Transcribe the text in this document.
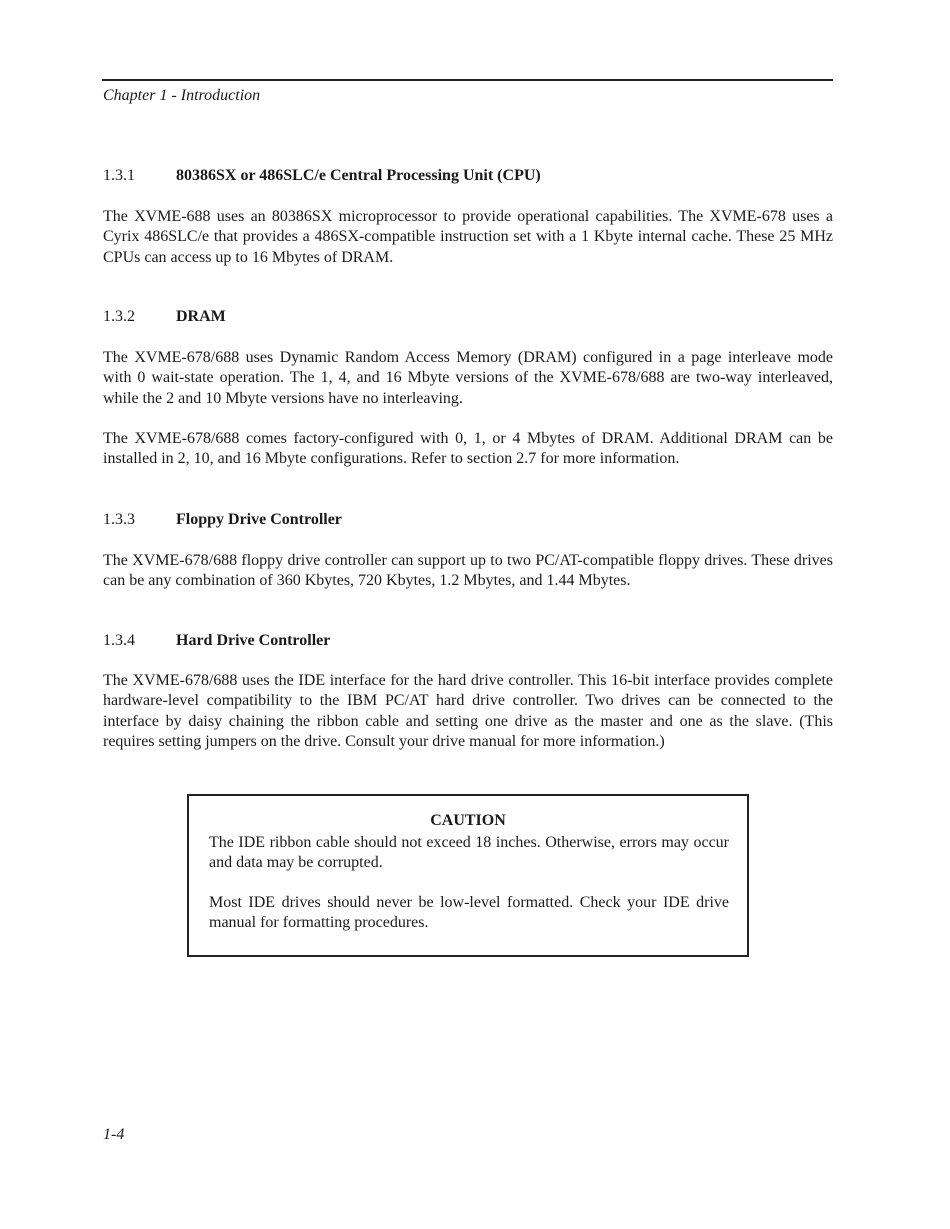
Chapter 1 - Introduction
1.3.1	80386SX or 486SLC/e Central Processing Unit (CPU)

The XVME-688 uses an 80386SX microprocessor to provide operational capabilities. The XVME-678 uses a Cyrix 486SLC/e that provides a 486SX-compatible instruction set with a 1 Kbyte internal cache. These 25 MHz CPUs can access up to 16 Mbytes of DRAM.

1.3.2	DRAM

The XVME-678/688 uses Dynamic Random Access Memory (DRAM) configured in a page interleave mode with 0 wait-state operation. The 1, 4, and 16 Mbyte versions of the XVME-678/688 are two-way interleaved, while the 2 and 10 Mbyte versions have no interleaving.

The XVME-678/688 comes factory-configured with 0, 1, or 4 Mbytes of DRAM. Additional DRAM can be installed in 2, 10, and 16 Mbyte configurations. Refer to section 2.7 for more information.

1.3.3	Floppy Drive Controller

The XVME-678/688 floppy drive controller can support up to two PC/AT-compatible floppy drives. These drives can be any combination of 360 Kbytes, 720 Kbytes, 1.2 Mbytes, and 1.44 Mbytes.

1.3.4	Hard Drive Controller

The XVME-678/688 uses the IDE interface for the hard drive controller. This 16-bit interface provides complete hardware-level compatibility to the IBM PC/AT hard drive controller. Two drives can be connected to the interface by daisy chaining the ribbon cable and setting one drive as the master and one as the slave. (This requires setting jumpers on the drive. Consult your drive manual for more information.)

CAUTION

The IDE ribbon cable should not exceed 18 inches. Otherwise, errors may occur and data may be corrupted.

Most IDE drives should never be low-level formatted. Check your IDE drive manual for formatting procedures.

1-4
